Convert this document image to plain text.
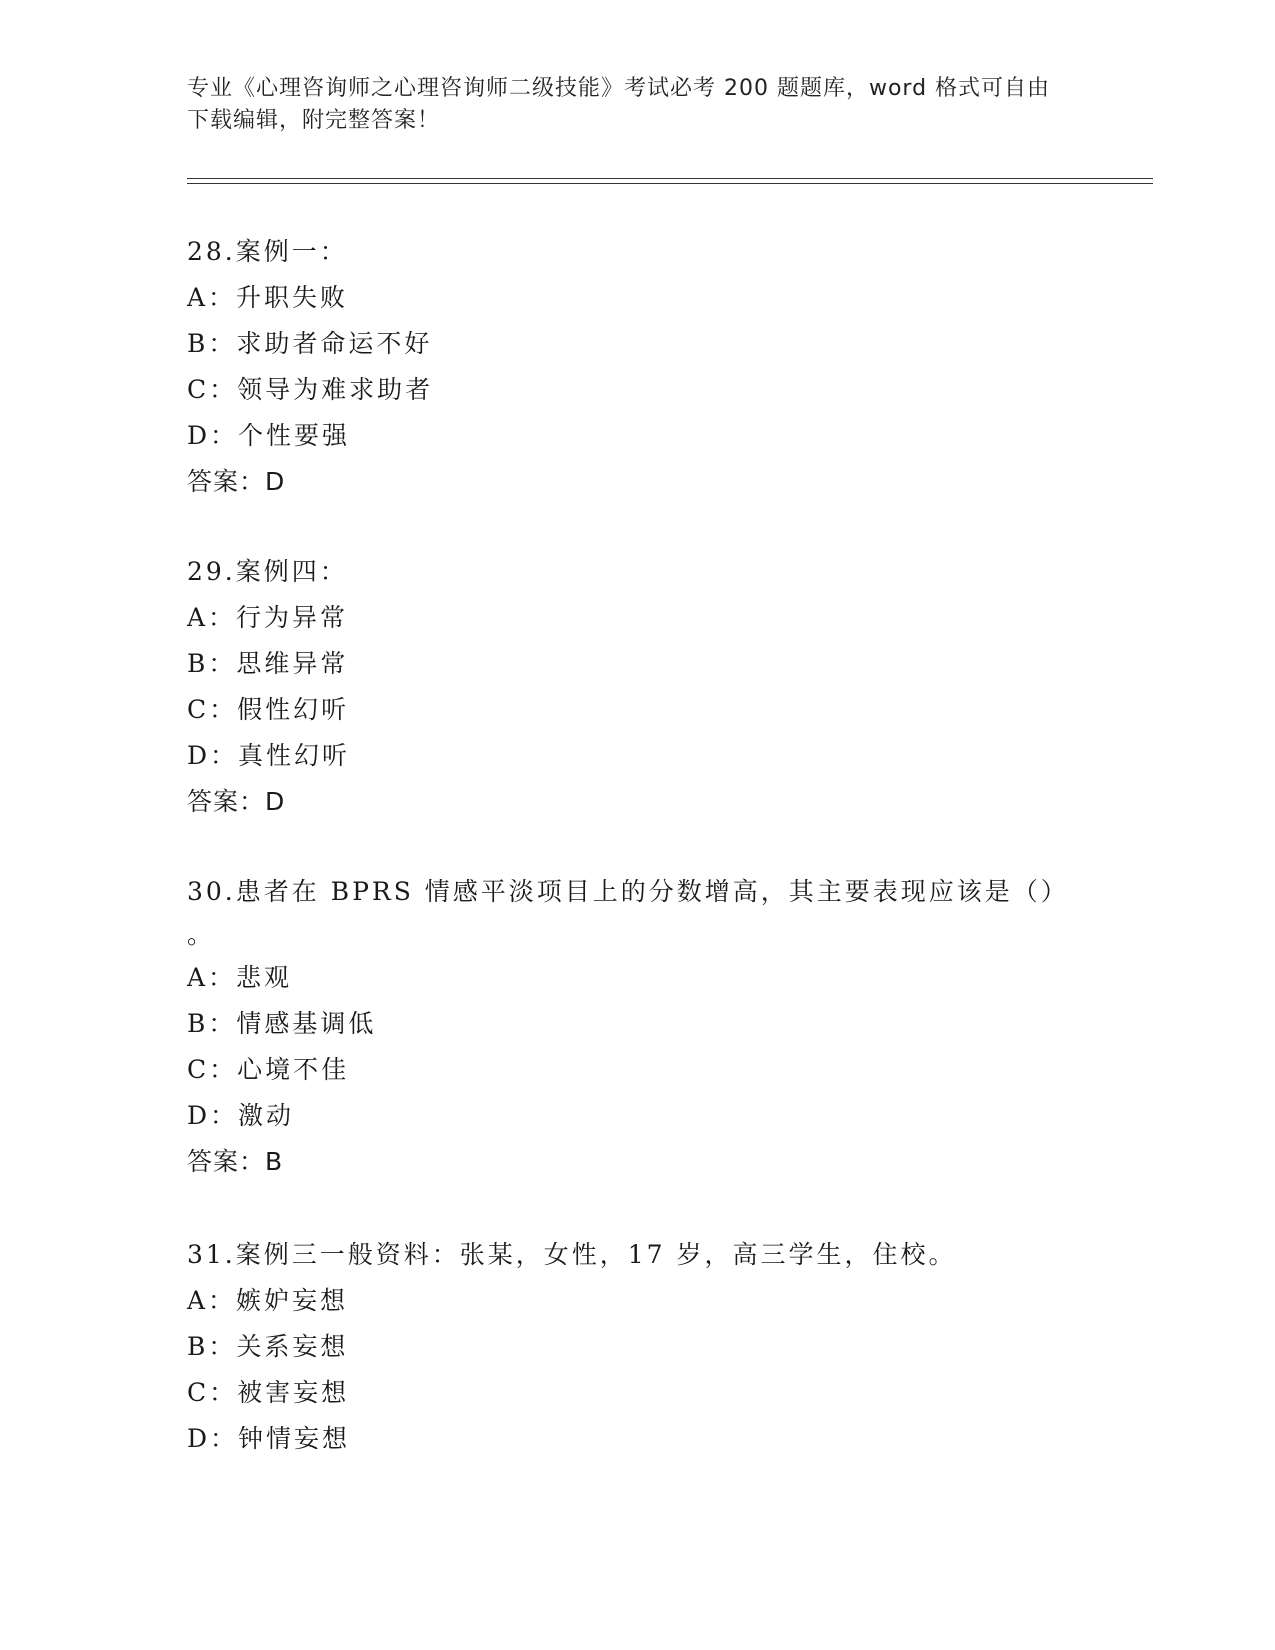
专业《心理咨询师之心理咨询师二级技能》考试必考 200 题题库，word 格式可自由下载编辑，附完整答案！
28.案例一：
A：升职失败
B：求助者命运不好
C：领导为难求助者
D：个性要强
答案：D
29.案例四：
A：行为异常
B：思维异常
C：假性幻听
D：真性幻听
答案：D
30.患者在 BPRS 情感平淡项目上的分数增高，其主要表现应该是（）
。
A：悲观
B：情感基调低
C：心境不佳
D：激动
答案：B
31.案例三一般资料：张某，女性，17 岁，高三学生，住校。
A：嫉妒妄想
B：关系妄想
C：被害妄想
D：钟情妄想
